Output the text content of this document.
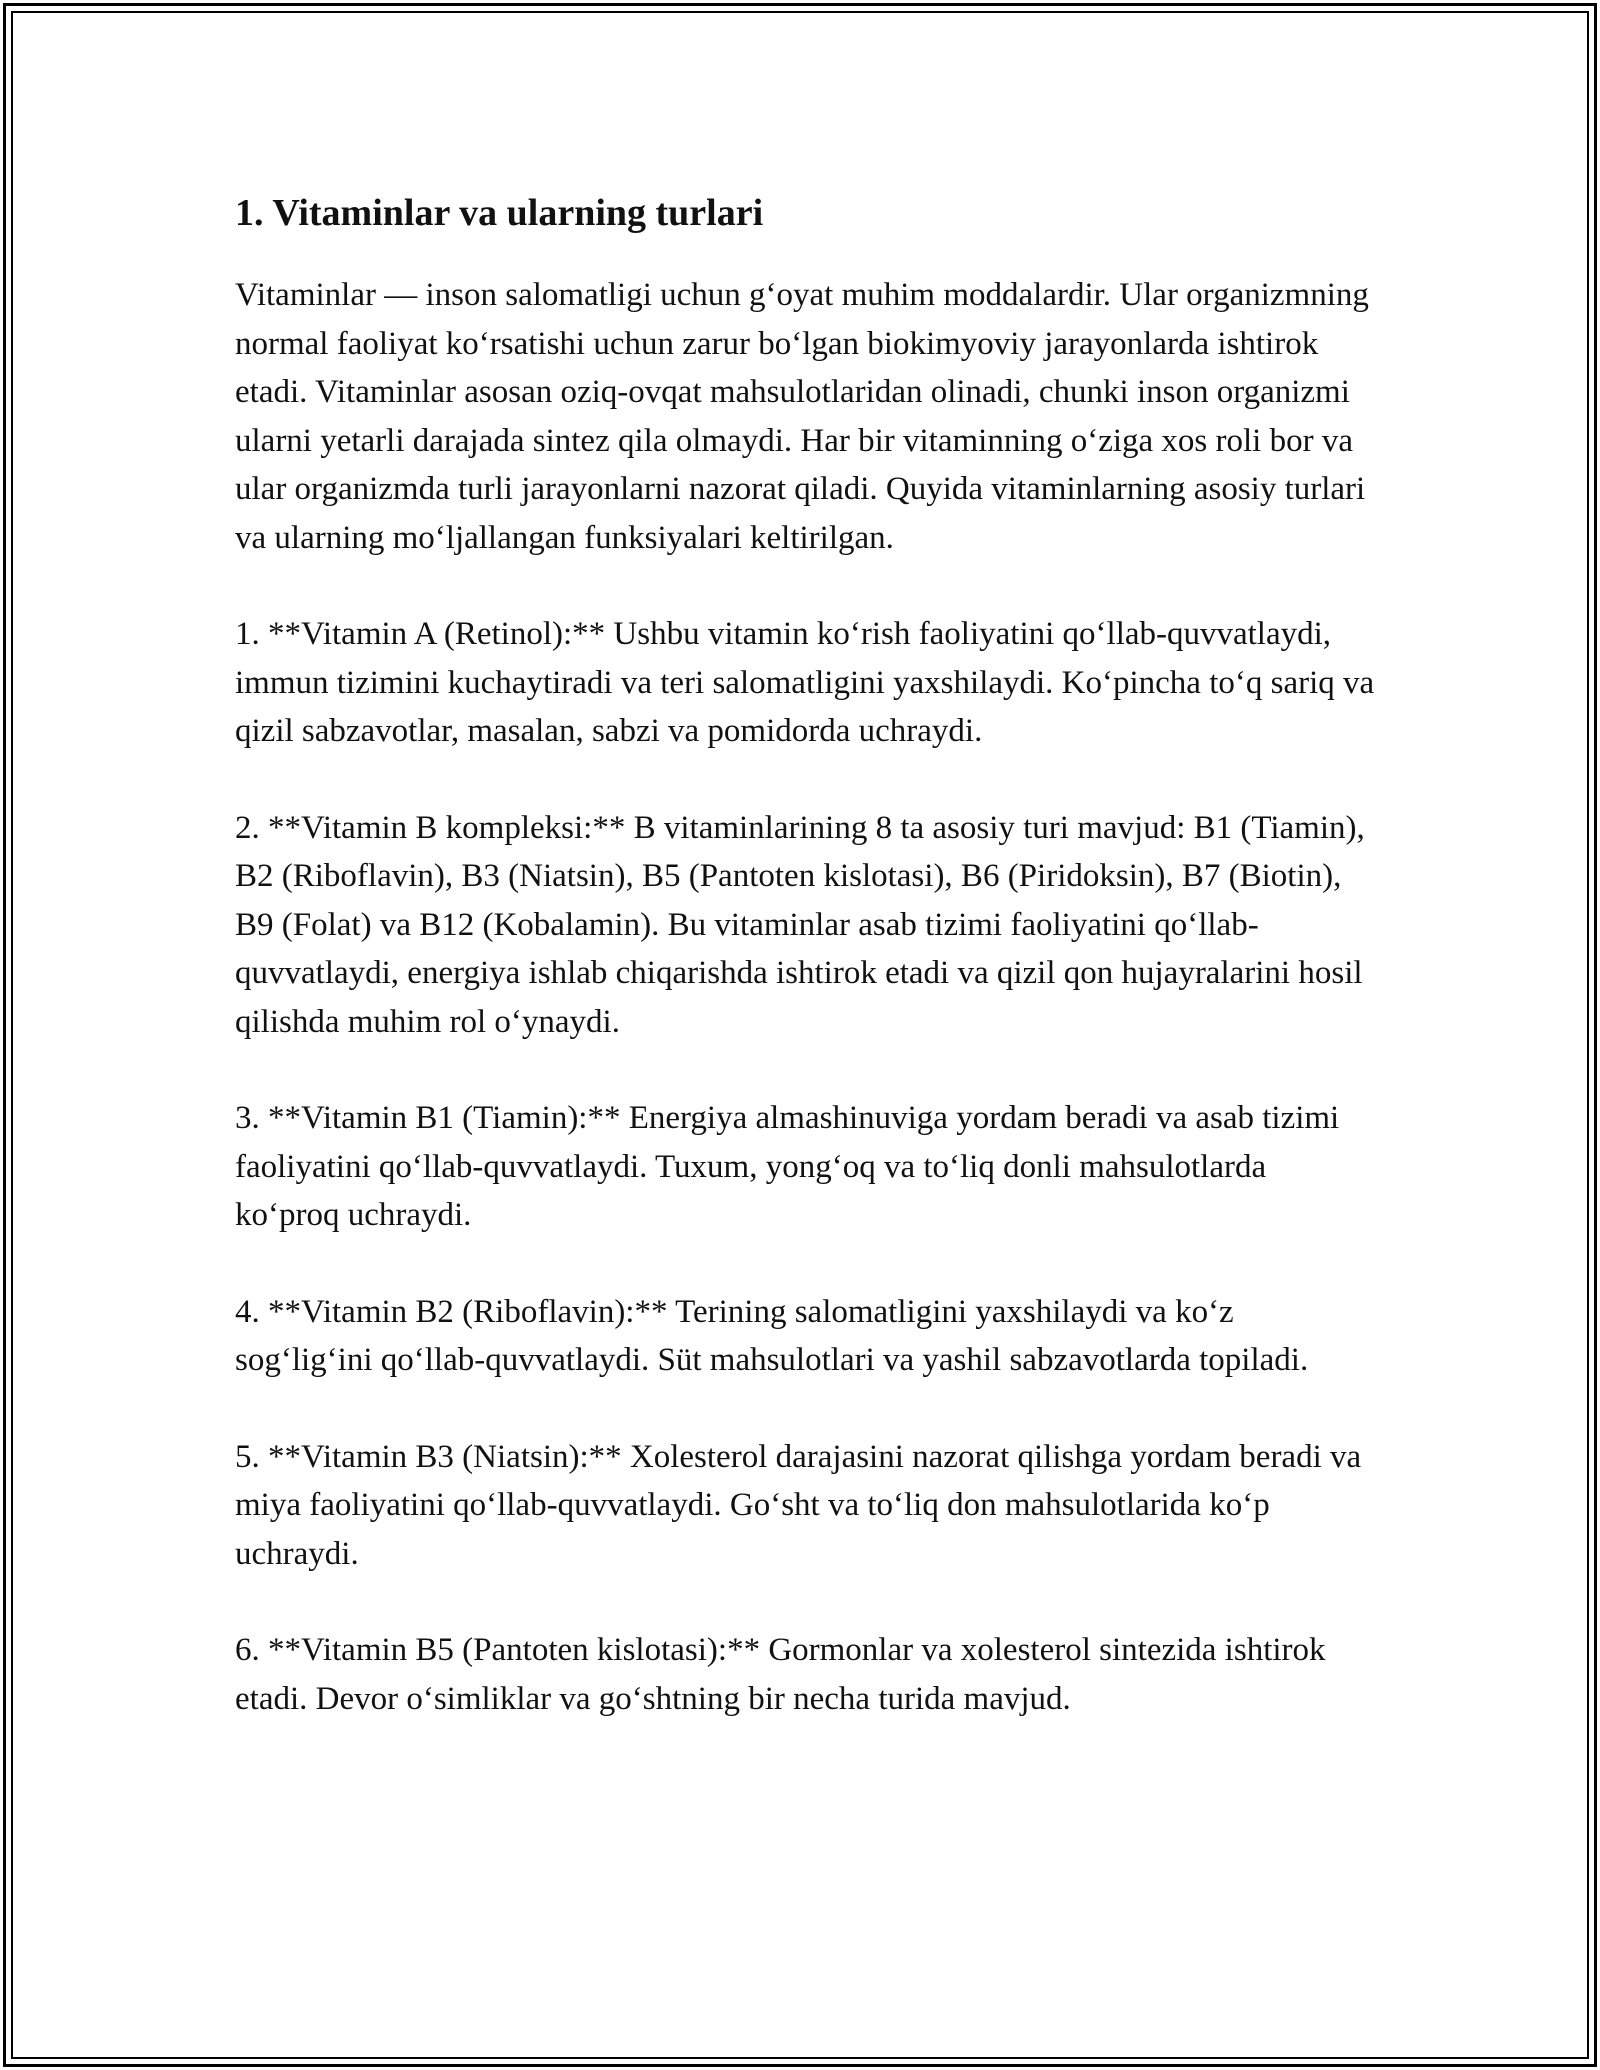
1. Vitaminlar va ularning turlari

Vitaminlar — inson salomatligi uchun g‘oyat muhim moddalardir. Ular organizmning normal faoliyat ko‘rsatishi uchun zarur bo‘lgan biokimyoviy jarayonlarda ishtirok etadi. Vitaminlar asosan oziq-ovqat mahsulotlaridan olinadi, chunki inson organizmi ularni yetarli darajada sintez qila olmaydi. Har bir vitaminning o‘ziga xos roli bor va ular organizmda turli jarayonlarni nazorat qiladi. Quyida vitaminlarning asosiy turlari va ularning mo‘ljallangan funksiyalari keltirilgan.

1. **Vitamin A (Retinol):** Ushbu vitamin ko‘rish faoliyatini qo‘llab-quvvatlaydi, immun tizimini kuchaytiradi va teri salomatligini yaxshilaydi. Ko‘pincha to‘q sariq va qizil sabzavotlar, masalan, sabzi va pomidorda uchraydi.

2. **Vitamin B kompleksi:** B vitaminlarining 8 ta asosiy turi mavjud: B1 (Tiamin), B2 (Riboflavin), B3 (Niatsin), B5 (Pantoten kislotasi), B6 (Piridoksin), B7 (Biotin), B9 (Folat) va B12 (Kobalamin). Bu vitaminlar asab tizimi faoliyatini qo‘llab-quvvatlaydi, energiya ishlab chiqarishda ishtirok etadi va qizil qon hujayralarini hosil qilishda muhim rol o‘ynaydi.

3. **Vitamin B1 (Tiamin):** Energiya almashinuviga yordam beradi va asab tizimi faoliyatini qo‘llab-quvvatlaydi. Tuxum, yong‘oq va to‘liq donli mahsulotlarda ko‘proq uchraydi.

4. **Vitamin B2 (Riboflavin):** Terining salomatligini yaxshilaydi va ko‘z sog‘lig‘ini qo‘llab-quvvatlaydi. Süt mahsulotlari va yashil sabzavotlarda topiladi.

5. **Vitamin B3 (Niatsin):** Xolesterol darajasini nazorat qilishga yordam beradi va miya faoliyatini qo‘llab-quvvatlaydi. Go‘sht va to‘liq don mahsulotlarida ko‘p uchraydi.

6. **Vitamin B5 (Pantoten kislotasi):** Gormonlar va xolesterol sintezida ishtirok etadi. Devor o‘simliklar va go‘shtning bir necha turida mavjud.
